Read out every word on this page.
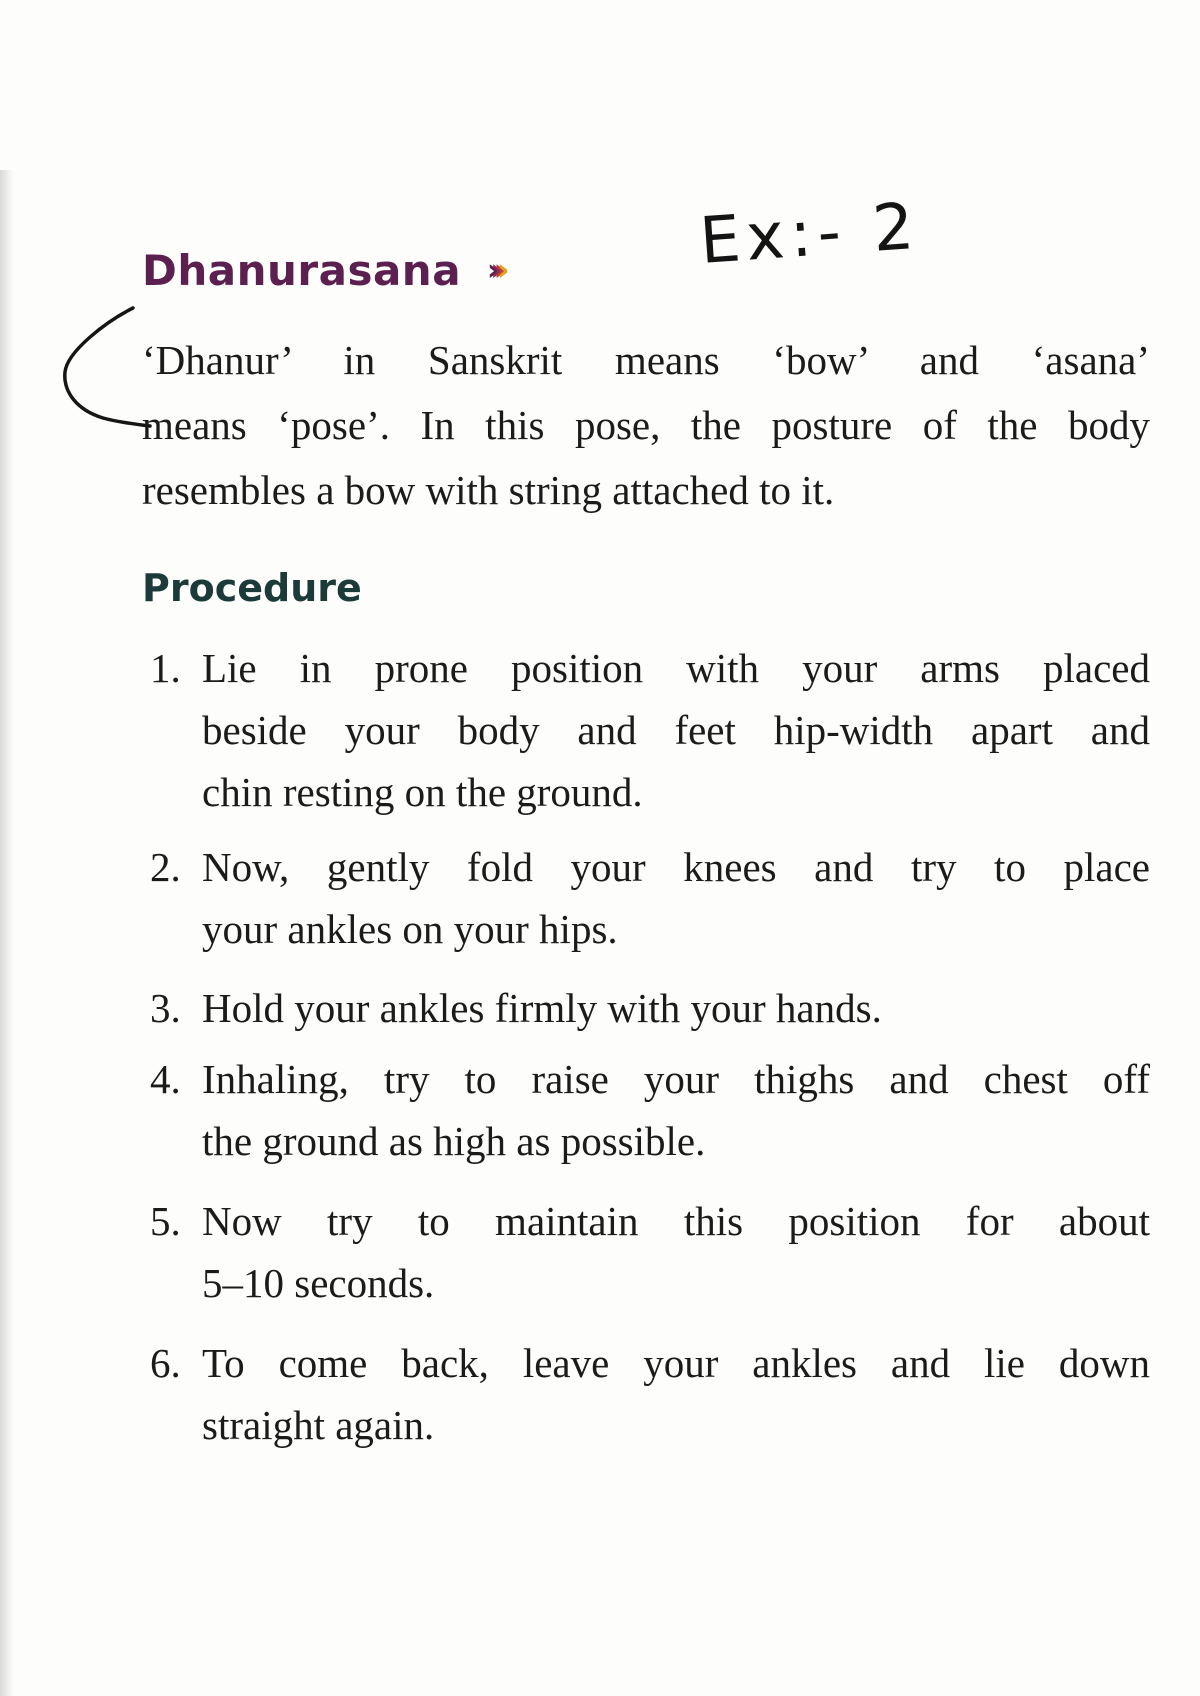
Dhanurasana › › › ›	Ex:- 2
‘Dhanur’ in Sanskrit means ‘bow’ and ‘asana’
means ‘pose’. In this pose, the posture of the body
resembles a bow with string attached to it.
Procedure
1. Lie in prone position with your arms placed
beside your body and feet hip-width apart and
chin resting on the ground.
2. Now, gently fold your knees and try to place
your ankles on your hips.
3. Hold your ankles firmly with your hands.
4. Inhaling, try to raise your thighs and chest off
the ground as high as possible.
5. Now try to maintain this position for about
5–10 seconds.
6. To come back, leave your ankles and lie down
straight again.
